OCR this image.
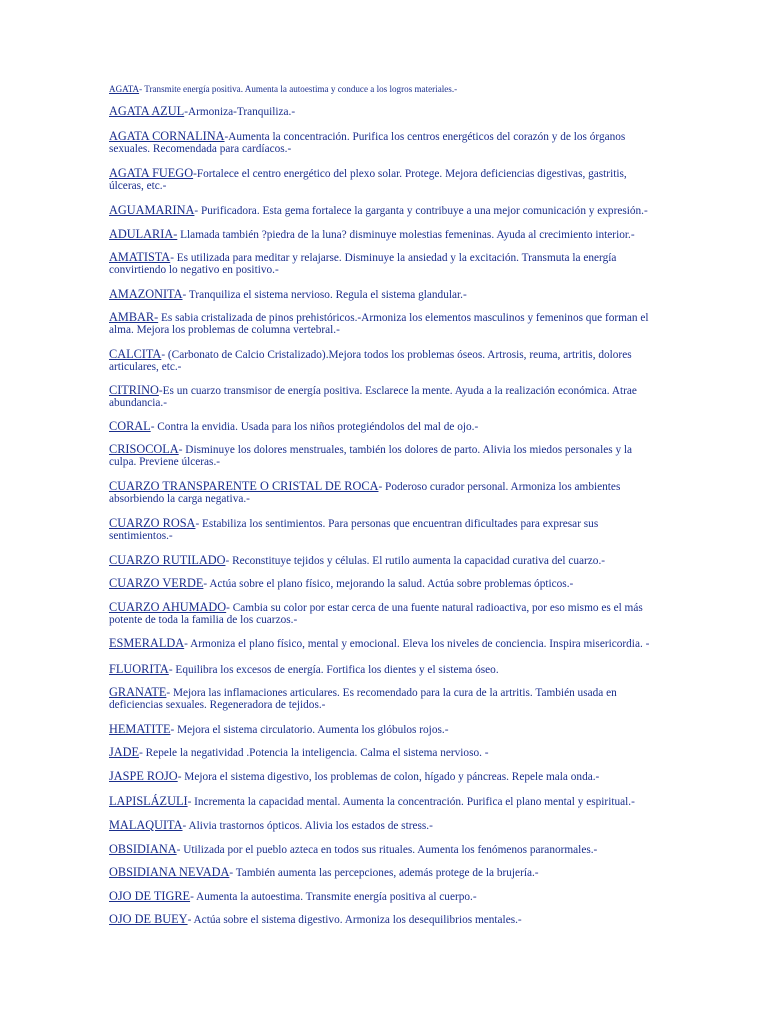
AGATA- Transmite energía positiva. Aumenta la autoestima y conduce a los logros materiales.-

AGATA AZUL-Armoniza-Tranquiliza.-

AGATA CORNALINA-Aumenta la concentración. Purifica los centros energéticos del corazón y de los órganos sexuales. Recomendada para cardíacos.-

AGATA FUEGO-Fortalece el centro energético del plexo solar. Protege. Mejora deficiencias digestivas, gastritis, úlceras, etc.-

AGUAMARINA- Purificadora. Esta gema fortalece la garganta y contribuye a una mejor comunicación y expresión.-

ADULARIA- Llamada también ?piedra de la luna? disminuye molestias femeninas. Ayuda al crecimiento interior.-

AMATISTA- Es utilizada para meditar y relajarse. Disminuye la ansiedad y la excitación. Transmuta la energía convirtiendo lo negativo en positivo.-

AMAZONITA- Tranquiliza el sistema nervioso. Regula el sistema glandular.-

AMBAR- Es sabia cristalizada de pinos prehistóricos.-Armoniza los elementos masculinos y femeninos que forman el alma. Mejora los problemas de columna vertebral.-

CALCITA- (Carbonato de Calcio Cristalizado).Mejora todos los problemas óseos. Artrosis, reuma, artritis, dolores articulares, etc.-

CITRINO-Es un cuarzo transmisor de energía positiva. Esclarece la mente. Ayuda a la realización económica. Atrae abundancia.-

CORAL- Contra la envidia. Usada para los niños protegiéndolos del mal de ojo.-

CRISOCOLA- Disminuye los dolores menstruales, también los dolores de parto. Alivia los miedos personales y la culpa. Previene úlceras.-

CUARZO TRANSPARENTE O CRISTAL DE ROCA- Poderoso curador personal. Armoniza los ambientes absorbiendo la carga negativa.-

CUARZO ROSA- Estabiliza los sentimientos. Para personas que encuentran dificultades para expresar sus sentimientos.-

CUARZO RUTILADO- Reconstituye tejidos y células. El rutilo aumenta la capacidad curativa del cuarzo.-

CUARZO VERDE- Actúa sobre el plano físico, mejorando la salud. Actúa sobre problemas ópticos.-

CUARZO AHUMADO- Cambia su color por estar cerca de una fuente natural radioactiva, por eso mismo es el más potente de toda la familia de los cuarzos.-

ESMERALDA- Armoniza el plano físico, mental y emocional. Eleva los niveles de conciencia. Inspira misericordia. -

FLUORITA- Equilibra los excesos de energía. Fortifica los dientes y el sistema óseo.

GRANATE- Mejora las inflamaciones articulares. Es recomendado para la cura de la artritis. También usada en deficiencias sexuales. Regeneradora de tejidos.-

HEMATITE- Mejora el sistema circulatorio. Aumenta los glóbulos rojos.-

JADE- Repele la negatividad .Potencia la inteligencia. Calma el sistema nervioso. -

JASPE ROJO- Mejora el sistema digestivo, los problemas de colon, hígado y páncreas. Repele mala onda.-

LAPISLÁZULI- Incrementa la capacidad mental. Aumenta la concentración. Purifica el plano mental y espiritual.-

MALAQUITA- Alivia trastornos ópticos. Alivia los estados de stress.-

OBSIDIANA- Utilizada por el pueblo azteca en todos sus rituales. Aumenta los fenómenos paranormales.-

OBSIDIANA NEVADA- También aumenta las percepciones, además protege de la brujería.-

OJO DE TIGRE- Aumenta la autoestima. Transmite energía positiva al cuerpo.-

OJO DE BUEY- Actúa sobre el sistema digestivo. Armoniza los desequilibrios mentales.-
